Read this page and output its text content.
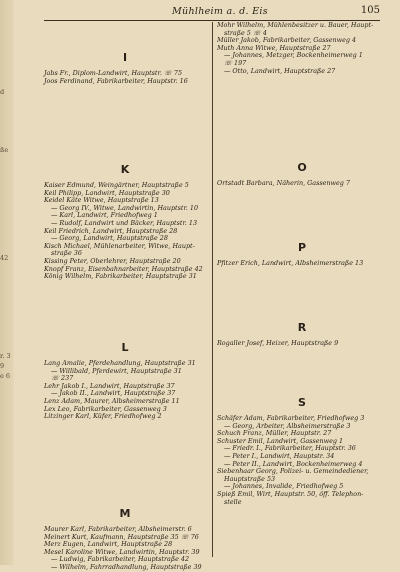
d
ße
42
r. 3
9
e 6
Mühlheim a. d. Eis	105
I
Jabs Fr., Diplom-Landwirt, Hauptstr. ☏ 75
Joos Ferdinand, Fabrikarbeiter, Hauptstr. 16
K
Kaiser Edmund, Weingärtner, Hauptstraße 5
Keil Philipp, Landwirt, Hauptstraße 30
Keidel Käte Witwe, Hauptstraße 13
— Georg IV., Witwe, Landwirtin, Hauptstr. 10
— Karl, Landwirt, Friedhofweg 1
— Rudolf, Landwirt und Bäcker, Hauptstr. 13
Keil Friedrich, Landwirt, Hauptstraße 28
— Georg, Landwirt, Hauptstraße 28
Kisch Michael, Mühlenarbeiter, Witwe, Haupt-
straße 36
Kissing Peter, Oberlehrer, Hauptstraße 20
Knopf Franz, Eisenbahnarbeiter, Hauptstraße 42
König Wilhelm, Fabrikarbeiter, Hauptstraße 31
L
Lang Amalie, Pferdehandlung, Hauptstraße 31
— Willibald, Pferdewirt, Hauptstraße 31
☏ 237
Lehr Jakob I., Landwirt, Hauptstraße 37
— Jakob II., Landwirt, Hauptstraße 37
Lenz Adam, Maurer, Albsheimerstraße 11
Lex Leo, Fabrikarbeiter, Gassenweg 3
Litzinger Karl, Küfer, Friedhofweg 2
M
Maurer Karl, Fabrikarbeiter, Albsheimerstr. 6
Meinert Kurt, Kaufmann, Hauptstraße 35 ☏ 76
Merz Eugen, Landwirt, Hauptstraße 28
Mesel Karoline Witwe, Landwirtin, Hauptstr. 39
— Ludwig, Fabrikarbeiter, Hauptstraße 42
— Wilhelm, Fahrradhandlung, Hauptstraße 39
Mohr Wilhelm, Mühlenbesitzer u. Bauer, Haupt-
straße 5 ☏ 4
Müller Jakob, Fabrikarbeiter, Gassenweg 4
Muth Anna Witwe, Hauptstraße 27
— Johannes, Metzger, Bockenheimerweg 1
☏ 197
— Otto, Landwirt, Hauptstraße 27
O
Ortstadt Barbara, Näherin, Gassenweg 7
P
Pfitzer Erich, Landwirt, Albsheimerstraße 13
R
Rogaller Josef, Heizer, Hauptstraße 9
S
Schäfer Adam, Fabrikarbeiter, Friedhofweg 3
— Georg, Arbeiter, Albsheimerstraße 3
Schuch Franz, Müller, Hauptstr. 27
Schuster Emil, Landwirt, Gassenweg 1
— Friedr. I., Fabrikarbeiter, Hauptstr. 36
— Peter I., Landwirt, Hauptstr. 34
— Peter II., Landwirt, Bockenheimerweg 4
Siebenhaar Georg, Polizei- u. Gemeindediener,
Hauptstraße 53
— Johannes, Invalide, Friedhofweg 5
Spieß Emil, Wirt, Hauptstr. 50, öff. Telephon-
stelle
